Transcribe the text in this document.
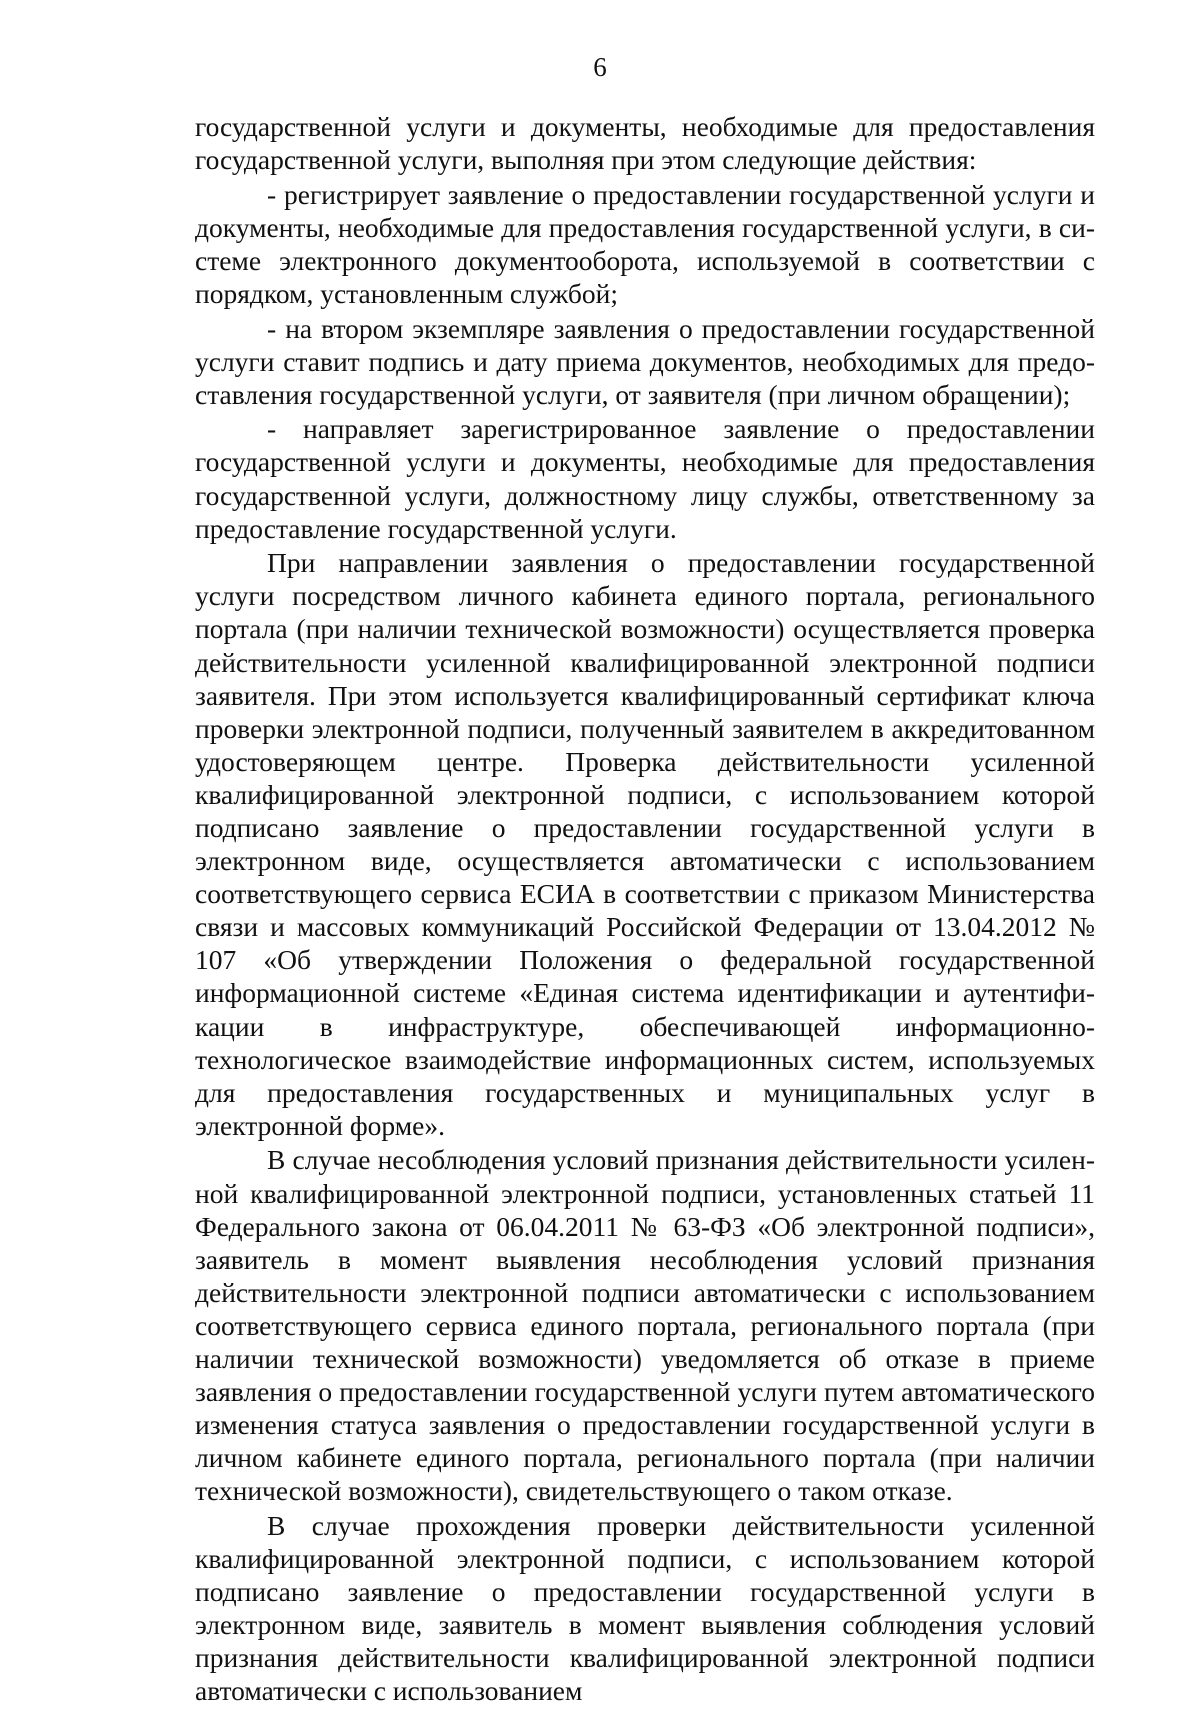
6

государственной услуги и документы, необходимые для предоставления государственной услуги, выполняя при этом следующие действия:

- регистрирует заявление о предоставлении государственной услуги и документы, необходимые для предоставления государственной услуги, в системе электронного документооборота, используемой в соответствии с порядком, установленным службой;

- на втором экземпляре заявления о предоставлении государственной услуги ставит подпись и дату приема документов, необходимых для предоставления государственной услуги, от заявителя (при личном обращении);

- направляет зарегистрированное заявление о предоставлении государственной услуги и документы, необходимые для предоставления государственной услуги, должностному лицу службы, ответственному за предоставление государственной услуги.

При направлении заявления о предоставлении государственной услуги посредством личного кабинета единого портала, регионального портала (при наличии технической возможности) осуществляется проверка действительности усиленной квалифицированной электронной подписи заявителя. При этом используется квалифицированный сертификат ключа проверки электронной подписи, полученный заявителем в аккредитованном удостоверяющем центре. Проверка действительности усиленной квалифицированной электронной подписи, с использованием которой подписано заявление о предоставлении государственной услуги в электронном виде, осуществляется автоматически с использованием соответствующего сервиса ЕСИА в соответствии с приказом Министерства связи и массовых коммуникаций Российской Федерации от 13.04.2012 № 107 «Об утверждении Положения о федеральной государственной информационной системе «Единая система идентификации и аутентификации в инфраструктуре, обеспечивающей информационно-технологическое взаимодействие информационных систем, используемых для предоставления государственных и муниципальных услуг в электронной форме».

В случае несоблюдения условий признания действительности усиленной квалифицированной электронной подписи, установленных статьей 11 Федерального закона от 06.04.2011 № 63-ФЗ «Об электронной подписи», заявитель в момент выявления несоблюдения условий признания действительности электронной подписи автоматически с использованием соответствующего сервиса единого портала, регионального портала (при наличии технической возможности) уведомляется об отказе в приеме заявления о предоставлении государственной услуги путем автоматического изменения статуса заявления о предоставлении государственной услуги в личном кабинете единого портала, регионального портала (при наличии технической возможности), свидетельствующего о таком отказе.

В случае прохождения проверки действительности усиленной квалифицированной электронной подписи, с использованием которой подписано заявление о предоставлении государственной услуги в электронном виде, заявитель в момент выявления соблюдения условий признания действительности квалифицированной электронной подписи автоматически с использованием
